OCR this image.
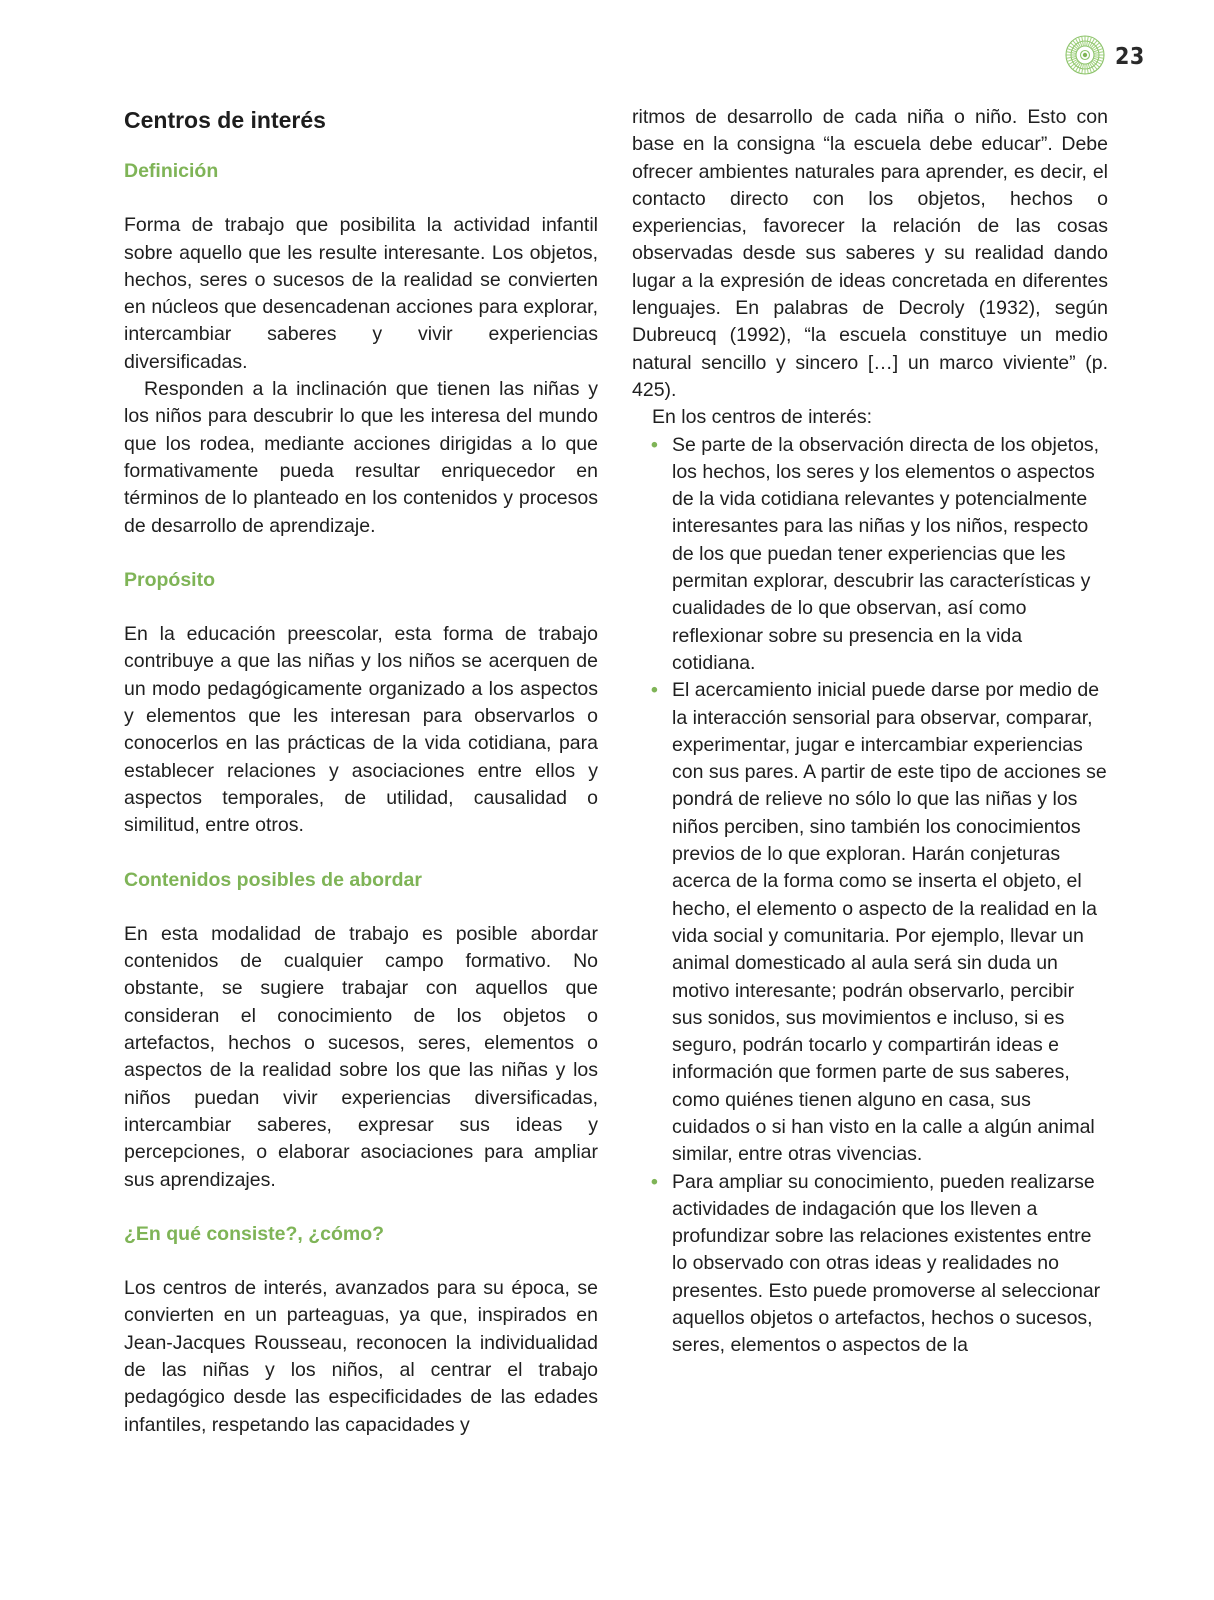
23
Centros de interés
Definición

Forma de trabajo que posibilita la actividad infantil sobre aquello que les resulte interesante. Los objetos, hechos, seres o sucesos de la realidad se convierten en núcleos que desencadenan acciones para explorar, intercambiar saberes y vivir experiencias diversificadas.

Responden a la inclinación que tienen las niñas y los niños para descubrir lo que les interesa del mundo que los rodea, mediante acciones dirigidas a lo que formativamente pueda resultar enriquecedor en términos de lo planteado en los contenidos y procesos de desarrollo de aprendizaje.

Propósito

En la educación preescolar, esta forma de trabajo contribuye a que las niñas y los niños se acerquen de un modo pedagógicamente organizado a los aspectos y elementos que les interesan para observarlos o conocerlos en las prácticas de la vida cotidiana, para establecer relaciones y asociaciones entre ellos y aspectos temporales, de utilidad, causalidad o similitud, entre otros.

Contenidos posibles de abordar

En esta modalidad de trabajo es posible abordar contenidos de cualquier campo formativo. No obstante, se sugiere trabajar con aquellos que consideran el conocimiento de los objetos o artefactos, hechos o sucesos, seres, elementos o aspectos de la realidad sobre los que las niñas y los niños puedan vivir experiencias diversificadas, intercambiar saberes, expresar sus ideas y percepciones, o elaborar asociaciones para ampliar sus aprendizajes.

¿En qué consiste?, ¿cómo?

Los centros de interés, avanzados para su época, se convierten en un parteaguas, ya que, inspirados en Jean-Jacques Rousseau, reconocen la individualidad de las niñas y los niños, al centrar el trabajo pedagógico desde las especificidades de las edades infantiles, respetando las capacidades y

ritmos de desarrollo de cada niña o niño. Esto con base en la consigna “la escuela debe educar”. Debe ofrecer ambientes naturales para aprender, es decir, el contacto directo con los objetos, hechos o experiencias, favorecer la relación de las cosas observadas desde sus saberes y su realidad dando lugar a la expresión de ideas concretada en diferentes lenguajes. En palabras de Decroly (1932), según Dubreucq (1992), “la escuela constituye un medio natural sencillo y sincero […] un marco viviente” (p. 425).

En los centros de interés:
• Se parte de la observación directa de los objetos, los hechos, los seres y los elementos o aspectos de la vida cotidiana relevantes y potencialmente interesantes para las niñas y los niños, respecto de los que puedan tener experiencias que les permitan explorar, descubrir las características y cualidades de lo que observan, así como reflexionar sobre su presencia en la vida cotidiana.
• El acercamiento inicial puede darse por medio de la interacción sensorial para observar, comparar, experimentar, jugar e intercambiar experiencias con sus pares. A partir de este tipo de acciones se pondrá de relieve no sólo lo que las niñas y los niños perciben, sino también los conocimientos previos de lo que exploran. Harán conjeturas acerca de la forma como se inserta el objeto, el hecho, el elemento o aspecto de la realidad en la vida social y comunitaria. Por ejemplo, llevar un animal domesticado al aula será sin duda un motivo interesante; podrán observarlo, percibir sus sonidos, sus movimientos e incluso, si es seguro, podrán tocarlo y compartirán ideas e información que formen parte de sus saberes, como quiénes tienen alguno en casa, sus cuidados o si han visto en la calle a algún animal similar, entre otras vivencias.
• Para ampliar su conocimiento, pueden realizarse actividades de indagación que los lleven a profundizar sobre las relaciones existentes entre lo observado con otras ideas y realidades no presentes. Esto puede promoverse al seleccionar aquellos objetos o artefactos, hechos o sucesos, seres, elementos o aspectos de la
